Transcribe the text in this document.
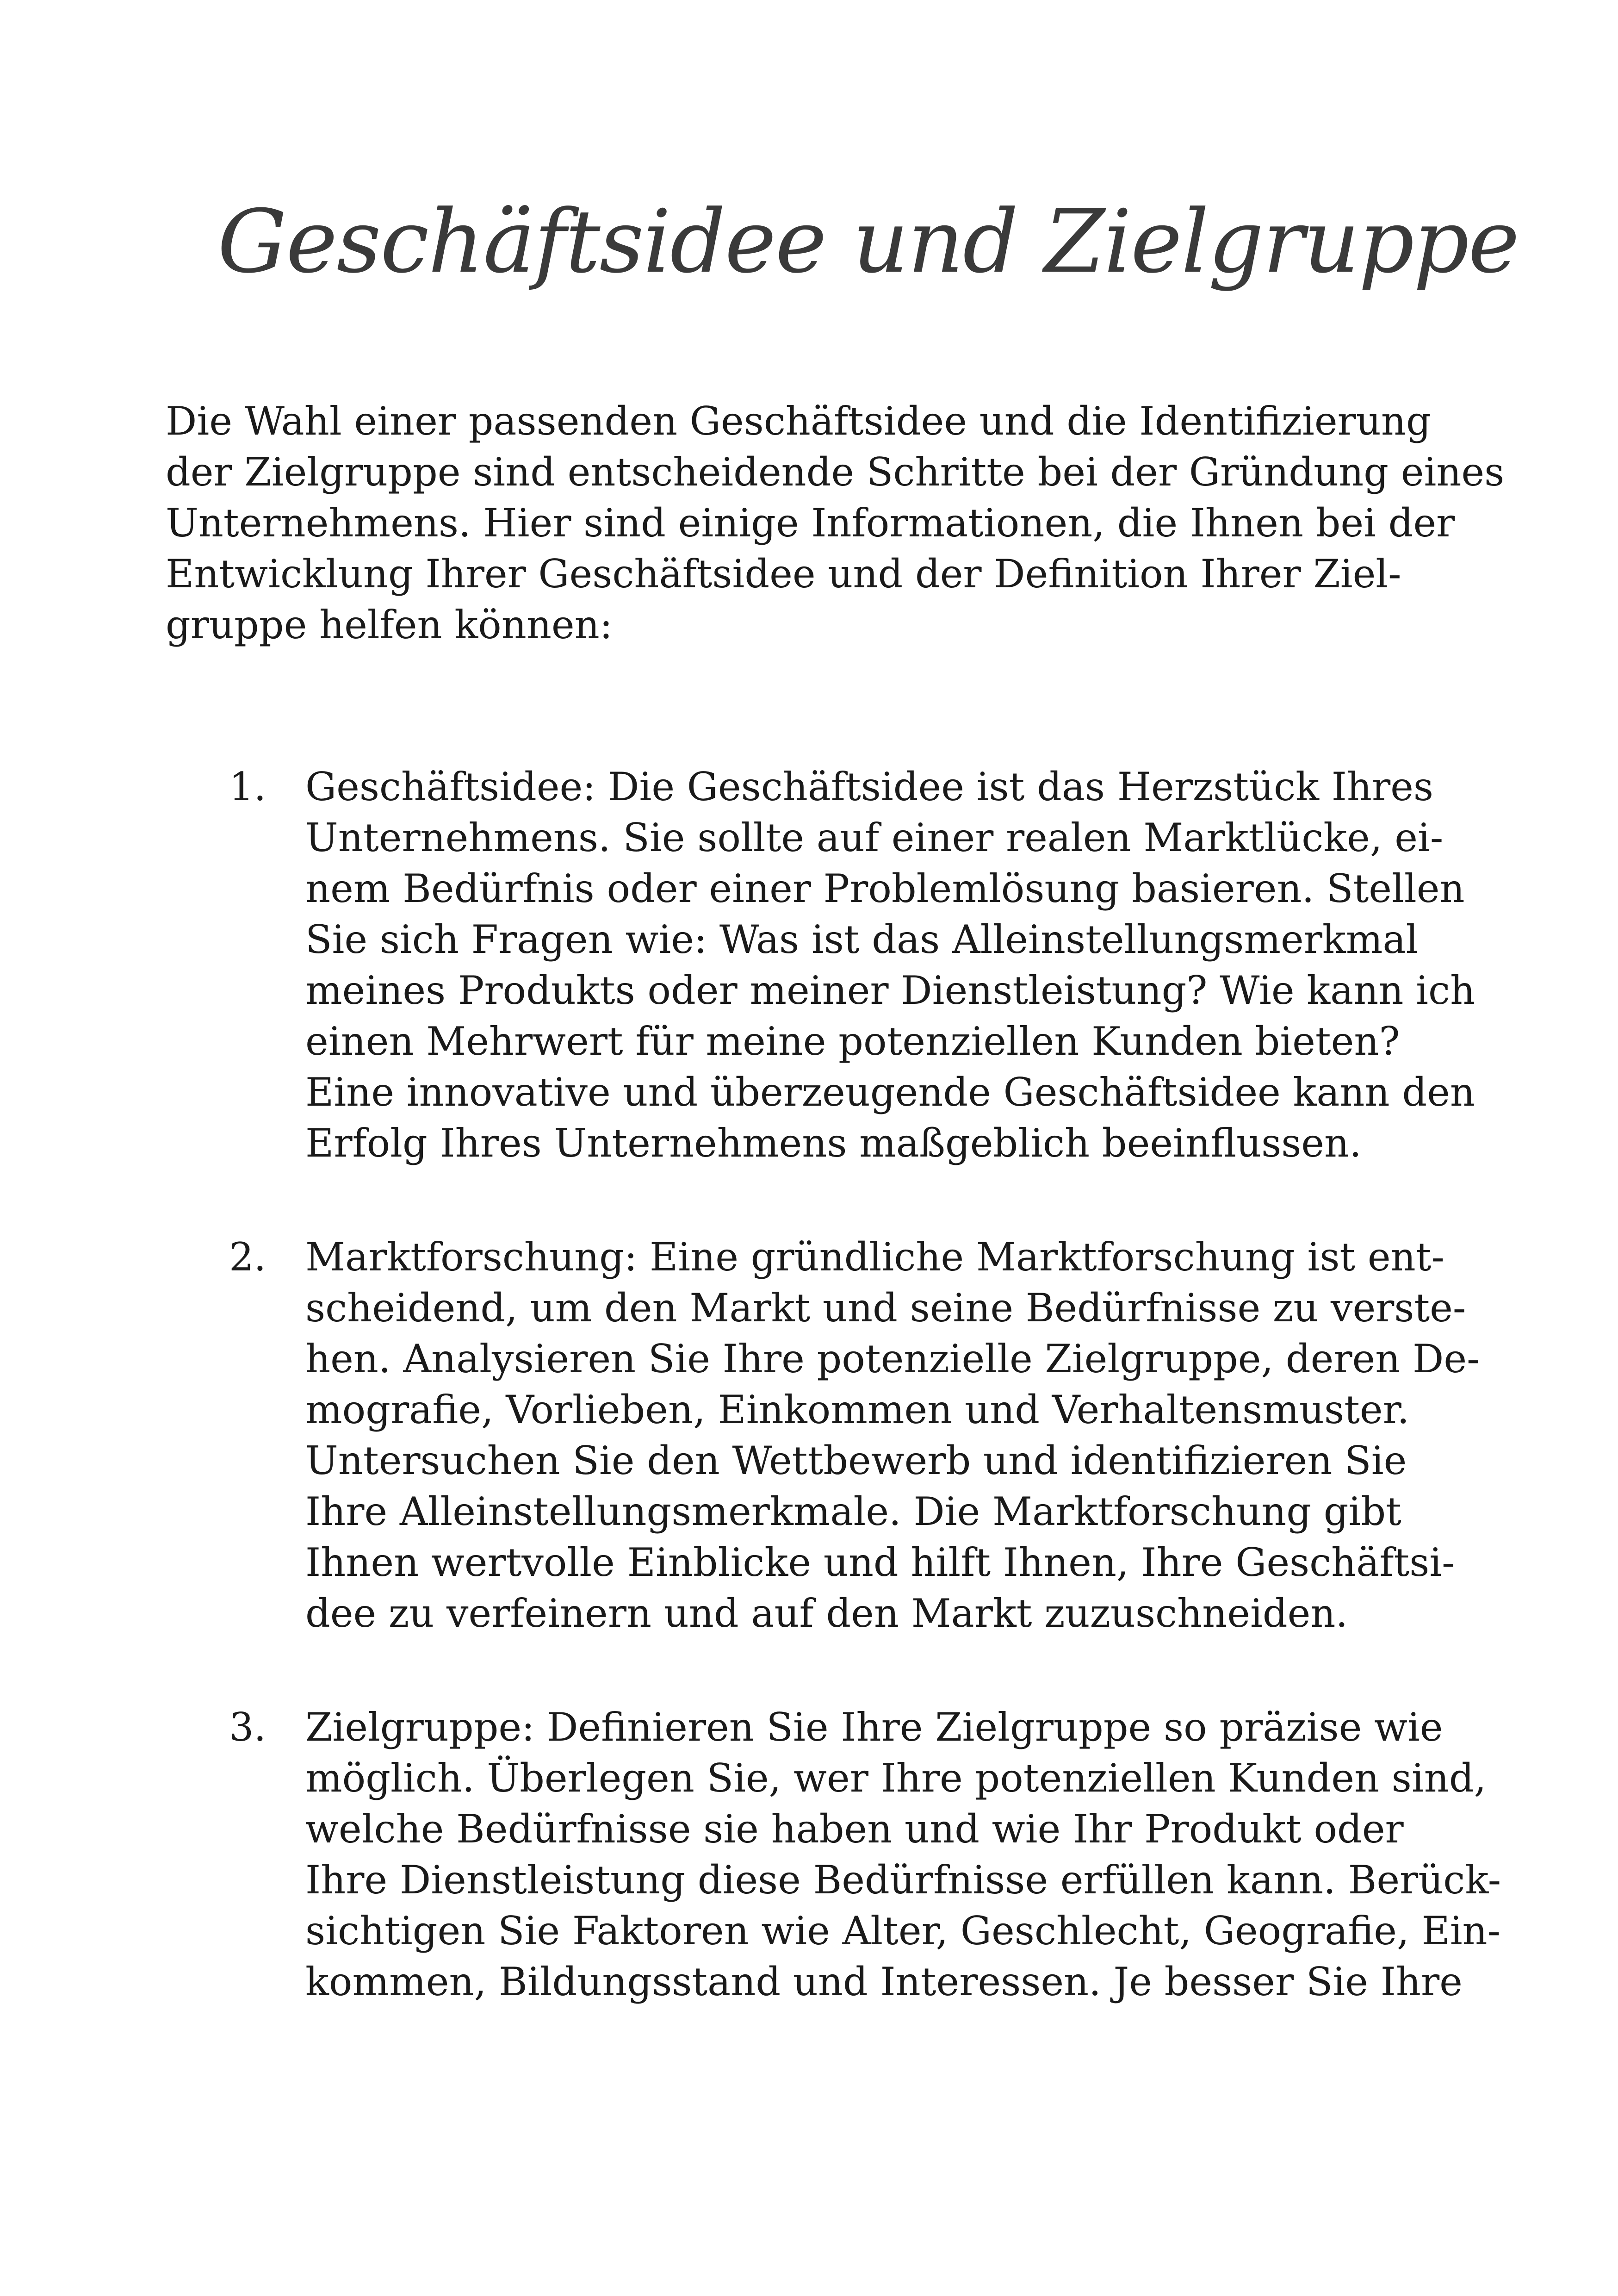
Geschäftsidee und Zielgruppe

Die Wahl einer passenden Geschäftsidee und die Identifizierung
der Zielgruppe sind entscheidende Schritte bei der Gründung eines
Unternehmens. Hier sind einige Informationen, die Ihnen bei der
Entwicklung Ihrer Geschäftsidee und der Definition Ihrer Ziel-
gruppe helfen können:

1. Geschäftsidee: Die Geschäftsidee ist das Herzstück Ihres
Unternehmens. Sie sollte auf einer realen Marktlücke, ei-
nem Bedürfnis oder einer Problemlösung basieren. Stellen
Sie sich Fragen wie: Was ist das Alleinstellungsmerkmal
meines Produkts oder meiner Dienstleistung? Wie kann ich
einen Mehrwert für meine potenziellen Kunden bieten?
Eine innovative und überzeugende Geschäftsidee kann den
Erfolg Ihres Unternehmens maßgeblich beeinflussen.
2. Marktforschung: Eine gründliche Marktforschung ist ent-
scheidend, um den Markt und seine Bedürfnisse zu verste-
hen. Analysieren Sie Ihre potenzielle Zielgruppe, deren De-
mografie, Vorlieben, Einkommen und Verhaltensmuster.
Untersuchen Sie den Wettbewerb und identifizieren Sie
Ihre Alleinstellungsmerkmale. Die Marktforschung gibt
Ihnen wertvolle Einblicke und hilft Ihnen, Ihre Geschäftsi-
dee zu verfeinern und auf den Markt zuzuschneiden.
3. Zielgruppe: Definieren Sie Ihre Zielgruppe so präzise wie
möglich. Überlegen Sie, wer Ihre potenziellen Kunden sind,
welche Bedürfnisse sie haben und wie Ihr Produkt oder
Ihre Dienstleistung diese Bedürfnisse erfüllen kann. Berück-
sichtigen Sie Faktoren wie Alter, Geschlecht, Geografie, Ein-
kommen, Bildungsstand und Interessen. Je besser Sie Ihre
